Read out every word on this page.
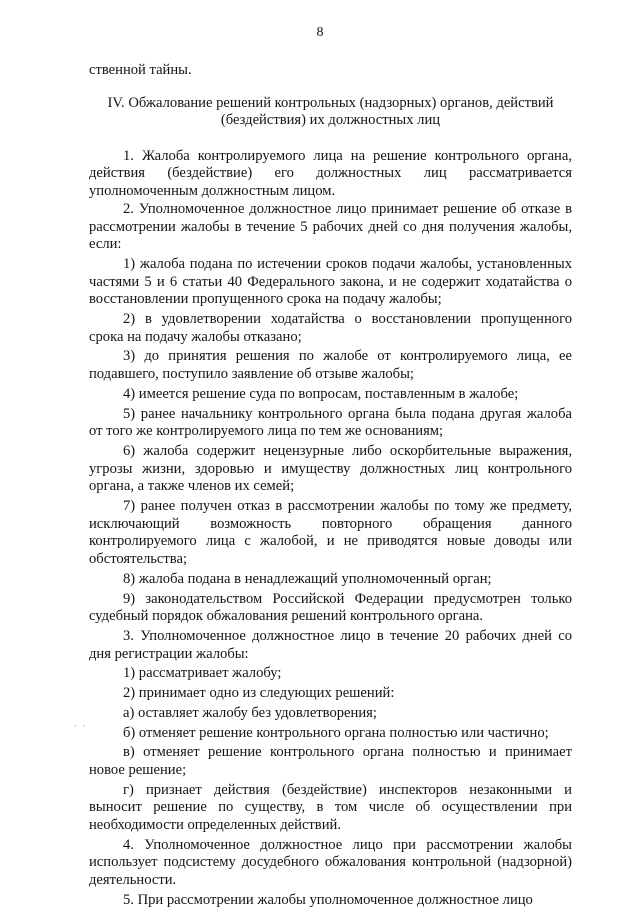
8

ственной тайны.

IV. Обжалование решений контрольных (надзорных) органов, действий
(бездействия) их должностных лиц

1. Жалоба контролируемого лица на решение контрольного органа, действия (бездействие) его должностных лиц рассматривается уполномоченным должностным лицом.

2. Уполномоченное должностное лицо принимает решение об отказе в рассмотрении жалобы в течение 5 рабочих дней со дня получения жалобы, если:

1) жалоба подана по истечении сроков подачи жалобы, установленных частями 5 и 6 статьи 40 Федерального закона, и не содержит ходатайства о восстановлении пропущенного срока на подачу жалобы;

2) в удовлетворении ходатайства о восстановлении пропущенного срока на подачу жалобы отказано;

3) до принятия решения по жалобе от контролируемого лица, ее подавшего, поступило заявление об отзыве жалобы;

4) имеется решение суда по вопросам, поставленным в жалобе;

5) ранее начальнику контрольного органа была подана другая жалоба от того же контролируемого лица по тем же основаниям;

6) жалоба содержит нецензурные либо оскорбительные выражения, угрозы жизни, здоровью и имуществу должностных лиц контрольного органа, а также членов их семей;

7) ранее получен отказ в рассмотрении жалобы по тому же предмету, исключающий возможность повторного обращения данного контролируемого лица с жалобой, и не приводятся новые доводы или обстоятельства;

8) жалоба подана в ненадлежащий уполномоченный орган;

9) законодательством Российской Федерации предусмотрен только судебный порядок обжалования решений контрольного органа.

3. Уполномоченное должностное лицо в течение 20 рабочих дней со дня регистрации жалобы:

1) рассматривает жалобу;

2) принимает одно из следующих решений:

а) оставляет жалобу без удовлетворения;

б) отменяет решение контрольного органа полностью или частично;

в) отменяет решение контрольного органа полностью и принимает новое решение;

г) признает действия (бездействие) инспекторов незаконными и выносит решение по существу, в том числе об осуществлении при необходимости определенных действий.

4. Уполномоченное должностное лицо при рассмотрении жалобы использует подсистему досудебного обжалования контрольной (надзорной) деятельности.

5. При рассмотрении жалобы уполномоченное должностное лицо

· ·
